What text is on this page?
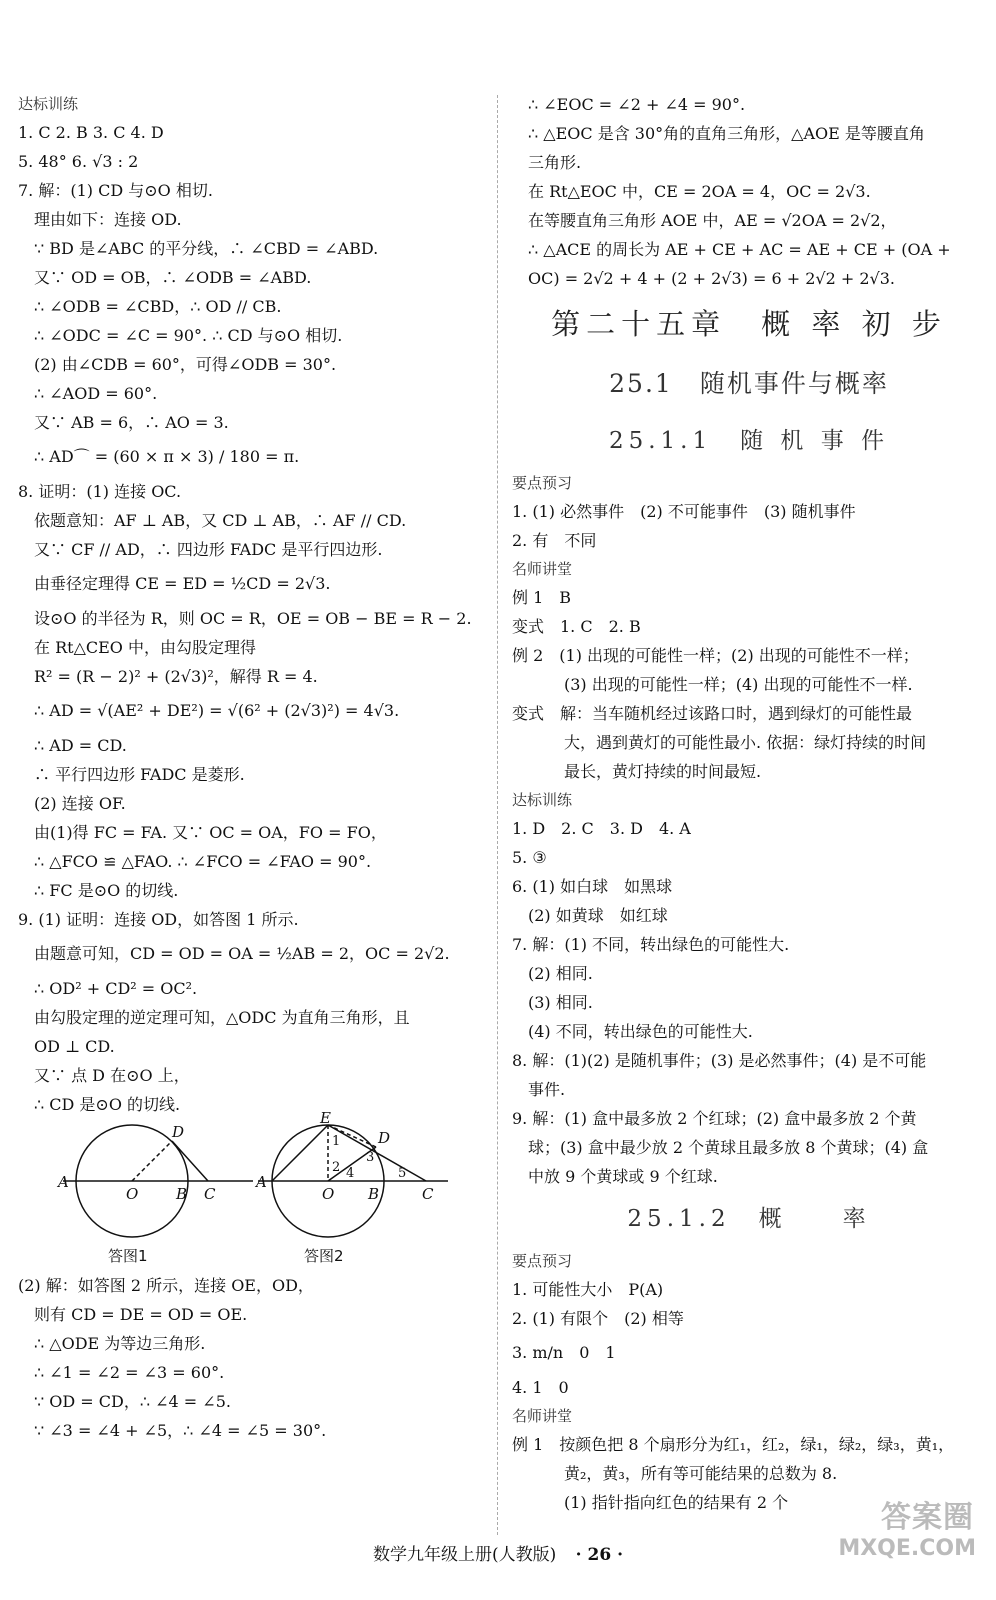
达标训练
1. C 2. B 3. C 4. D
5. 48° 6. √3 : 2
7. 解：(1) CD 与⊙O 相切.
理由如下：连接 OD.
∵ BD 是∠ABC 的平分线，∴ ∠CBD = ∠ABD.
又∵ OD = OB，∴ ∠ODB = ∠ABD.
∴ ∠ODB = ∠CBD，∴ OD // CB.
∴ ∠ODC = ∠C = 90°. ∴ CD 与⊙O 相切.
(2) 由∠CDB = 60°，可得∠ODB = 30°.
∴ ∠AOD = 60°.
又∵ AB = 6，∴ AO = 3.
∴ AD⌒ = (60 × π × 3) / 180 = π.
8. 证明：(1) 连接 OC.
依题意知：AF ⊥ AB，又 CD ⊥ AB，∴ AF // CD.
又∵ CF // AD，∴ 四边形 FADC 是平行四边形.
由垂径定理得 CE = ED = ½CD = 2√3.
设⊙O 的半径为 R，则 OC = R，OE = OB − BE = R − 2.
在 Rt△CEO 中，由勾股定理得
R² = (R − 2)² + (2√3)²，解得 R = 4.
∴ AD = √(AE² + DE²) = √(6² + (2√3)²) = 4√3.
∴ AD = CD.
∴ 平行四边形 FADC 是菱形.
(2) 连接 OF.
由(1)得 FC = FA. 又∵ OC = OA，FO = FO，
∴ △FCO ≌ △FAO. ∴ ∠FCO = ∠FAO = 90°.
∴ FC 是⊙O 的切线.
9. (1) 证明：连接 OD，如答图 1 所示.
由题意可知，CD = OD = OA = ½AB = 2，OC = 2√2.
∴ OD² + CD² = OC².
由勾股定理的逆定理可知，△ODC 为直角三角形，且
OD ⊥ CD.
又∵ 点 D 在⊙O 上，
∴ CD 是⊙O 的切线.
A
O	B C
D
A
O B	C
D
E
1
2
3
4	5
答图1	答图2
(2) 解：如答图 2 所示，连接 OE，OD，
则有 CD = DE = OD = OE.
∴ △ODE 为等边三角形.
∴ ∠1 = ∠2 = ∠3 = 60°.
∵ OD = CD，∴ ∠4 = ∠5.
∵ ∠3 = ∠4 + ∠5，∴ ∠4 = ∠5 = 30°.
∴ ∠EOC = ∠2 + ∠4 = 90°.
∴ △EOC 是含 30°角的直角三角形，△AOE 是等腰直角
三角形.
在 Rt△EOC 中，CE = 2OA = 4，OC = 2√3.
在等腰直角三角形 AOE 中，AE = √2OA = 2√2，
∴ △ACE 的周长为 AE + CE + AC = AE + CE + (OA +
OC) = 2√2 + 4 + (2 + 2√3) = 6 + 2√2 + 2√3.
第二十五章　概 率 初 步
25.1　随机事件与概率
25.1.1　随 机 事 件
要点预习
1. (1) 必然事件　(2) 不可能事件　(3) 随机事件
2. 有　不同
名师讲堂
例 1　B
变式　1. C　2. B
例 2　(1) 出现的可能性一样；(2) 出现的可能性不一样；
　　(3) 出现的可能性一样；(4) 出现的可能性不一样.
变式　解：当车随机经过该路口时，遇到绿灯的可能性最
　　大，遇到黄灯的可能性最小. 依据：绿灯持续的时间
　　最长，黄灯持续的时间最短.
达标训练
1. D　2. C　3. D　4. A
5. ③
6. (1) 如白球　如黑球
(2) 如黄球　如红球
7. 解：(1) 不同，转出绿色的可能性大.
(2) 相同.
(3) 相同.
(4) 不同，转出绿色的可能性大.
8. 解：(1)(2) 是随机事件；(3) 是必然事件；(4) 是不可能
事件.
9. 解：(1) 盒中最多放 2 个红球；(2) 盒中最多放 2 个黄
球；(3) 盒中最少放 2 个黄球且最多放 8 个黄球；(4) 盒
中放 9 个黄球或 9 个红球.
25.1.2　概　　率
要点预习
1. 可能性大小　P(A)
2. (1) 有限个　(2) 相等
3. m/n　0　1
4. 1　0
名师讲堂
例 1　按颜色把 8 个扇形分为红₁，红₂，绿₁，绿₂，绿₃，黄₁，
　　黄₂，黄₃，所有等可能结果的总数为 8.
　　(1) 指针指向红色的结果有 2 个
数学九年级上册(人教版) · 26 ·
答案圈
MXQE.COM
